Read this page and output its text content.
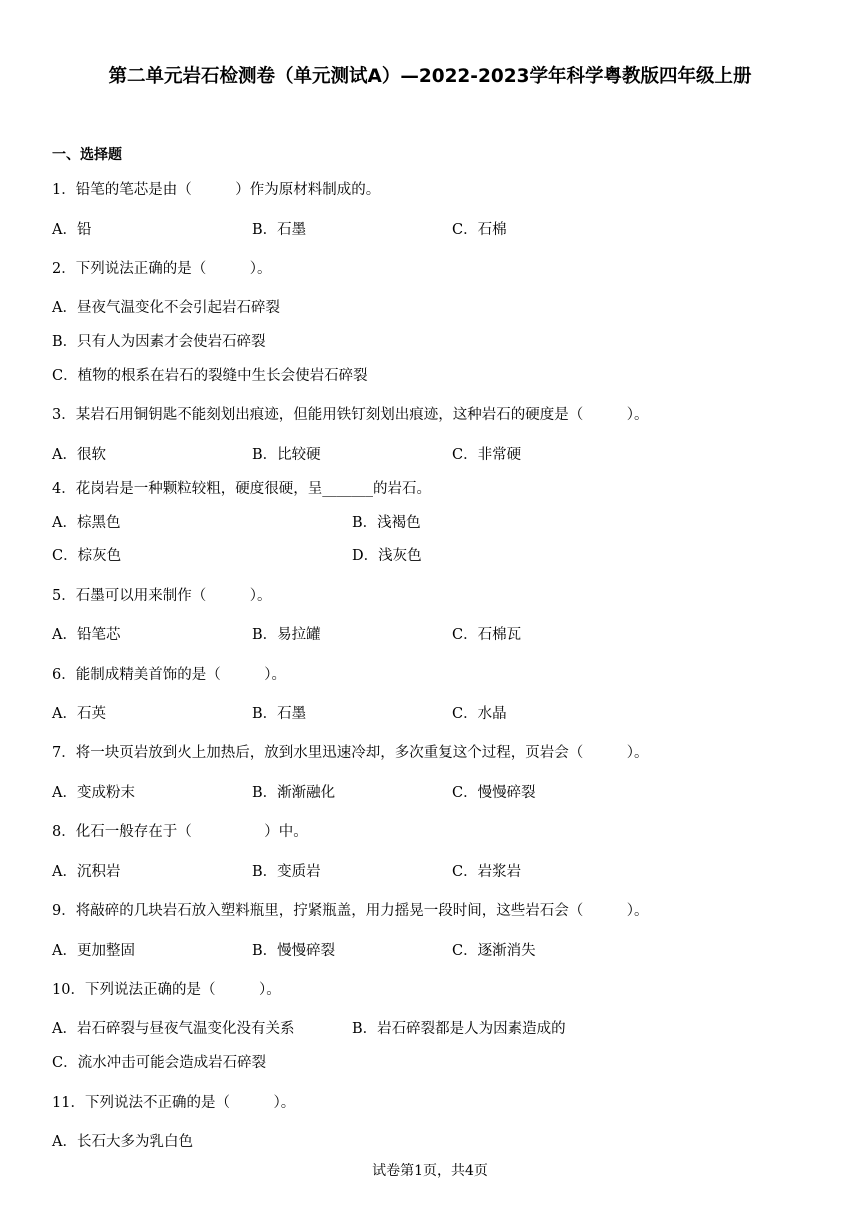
第二单元岩石检测卷（单元测试A）—2022-2023学年科学粤教版四年级上册
一、选择题
1．铅笔的笔芯是由（　　　）作为原材料制成的。
A．铅	B．石墨	C．石棉
2．下列说法正确的是（　　　）。
A．昼夜气温变化不会引起岩石碎裂
B．只有人为因素才会使岩石碎裂
C．植物的根系在岩石的裂缝中生长会使岩石碎裂
3．某岩石用铜钥匙不能刻划出痕迹，但能用铁钉刻划出痕迹，这种岩石的硬度是（　　　）。
A．很软	B．比较硬	C．非常硬
4．花岗岩是一种颗粒较粗，硬度很硬，呈_______的岩石。
A．棕黑色	B．浅褐色
C．棕灰色	D．浅灰色
5．石墨可以用来制作（　　　）。
A．铅笔芯	B．易拉罐	C．石棉瓦
6．能制成精美首饰的是（　　　）。
A．石英	B．石墨	C．水晶
7．将一块页岩放到火上加热后，放到水里迅速冷却，多次重复这个过程，页岩会（　　　）。
A．变成粉末	B．渐渐融化	C．慢慢碎裂
8．化石一般存在于（　　　　　）中。
A．沉积岩	B．变质岩	C．岩浆岩
9．将敲碎的几块岩石放入塑料瓶里，拧紧瓶盖，用力摇晃一段时间，这些岩石会（　　　）。
A．更加整固	B．慢慢碎裂	C．逐渐消失
10．下列说法正确的是（　　　）。
A．岩石碎裂与昼夜气温变化没有关系	B．岩石碎裂都是人为因素造成的
C．流水冲击可能会造成岩石碎裂
11．下列说法不正确的是（　　　）。
A．长石大多为乳白色
试卷第1页，共4页
